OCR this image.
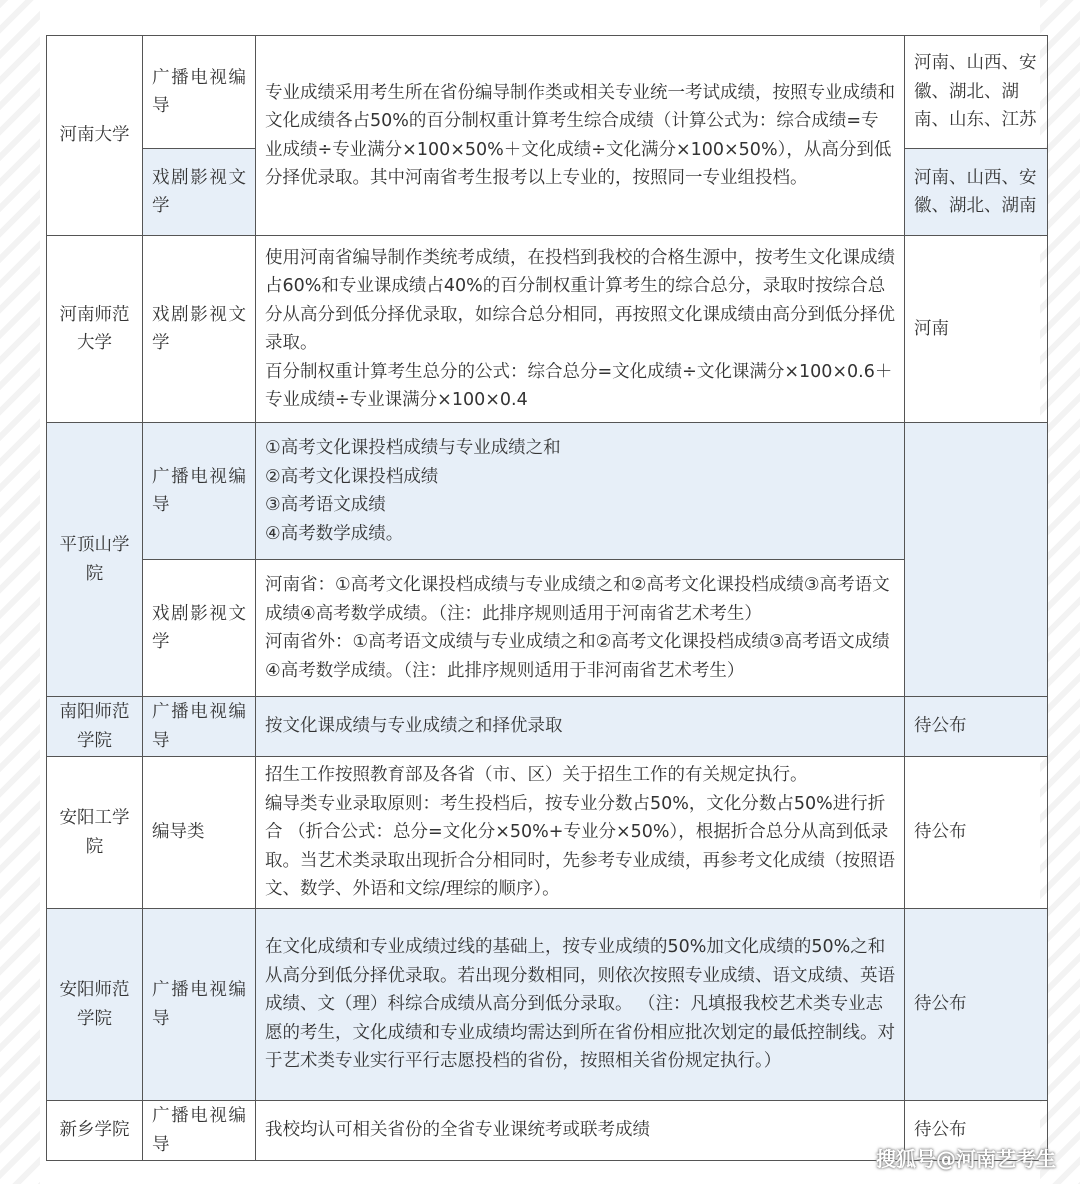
河南大学	广播电视编导	专业成绩采用考生所在省份编导制作类或相关专业统一考试成绩，按照专业成绩和文化成绩各占50%的百分制权重计算考生综合成绩（计算公式为：综合成绩=专业成绩÷专业满分×100×50%＋文化成绩÷文化满分×100×50%），从高分到低分择优录取。其中河南省考生报考以上专业的，按照同一专业组投档。	河南、山西、安徽、湖北、湖南、山东、江苏
	戏剧影视文学		河南、山西、安徽、湖北、湖南
河南师范大学	戏剧影视文学	使用河南省编导制作类统考成绩，在投档到我校的合格生源中，按考生文化课成绩占60%和专业课成绩占40%的百分制权重计算考生的综合总分，录取时按综合总分从高分到低分择优录取，如综合总分相同，再按照文化课成绩由高分到低分择优录取。
百分制权重计算考生总分的公式：综合总分=文化成绩÷文化课满分×100×0.6＋专业成绩÷专业课满分×100×0.4	河南
平顶山学院	广播电视编导	①高考文化课投档成绩与专业成绩之和
②高考文化课投档成绩
③高考语文成绩
④高考数学成绩。	

	戏剧影视文学	河南省：①高考文化课投档成绩与专业成绩之和②高考文化课投档成绩③高考语文成绩④高考数学成绩。（注：此排序规则适用于河南省艺术考生）
河南省外：①高考语文成绩与专业成绩之和②高考文化课投档成绩③高考语文成绩④高考数学成绩。（注：此排序规则适用于非河南省艺术考生）	

南阳师范学院	广播电视编导	按文化课成绩与专业成绩之和择优录取	待公布
安阳工学院	编导类	招生工作按照教育部及各省（市、区）关于招生工作的有关规定执行。
编导类专业录取原则：考生投档后，按专业分数占50%，文化分数占50%进行折合 （折合公式：总分=文化分×50%+专业分×50%），根据折合总分从高到低录取。当艺术类录取出现折合分相同时，先参考专业成绩，再参考文化成绩（按照语文、数学、外语和文综/理综的顺序）。	待公布
安阳师范学院	广播电视编导	在文化成绩和专业成绩过线的基础上，按专业成绩的50%加文化成绩的50%之和从高分到低分择优录取。若出现分数相同，则依次按照专业成绩、语文成绩、英语成绩、文（理）科综合成绩从高分到低分录取。 （注：凡填报我校艺术类专业志愿的考生，文化成绩和专业成绩均需达到所在省份相应批次划定的最低控制线。对于艺术类专业实行平行志愿投档的省份，按照相关省份规定执行。）	待公布
新乡学院	广播电视编导	我校均认可相关省份的全省专业课统考或联考成绩	待公布
搜狐号@河南艺考生
